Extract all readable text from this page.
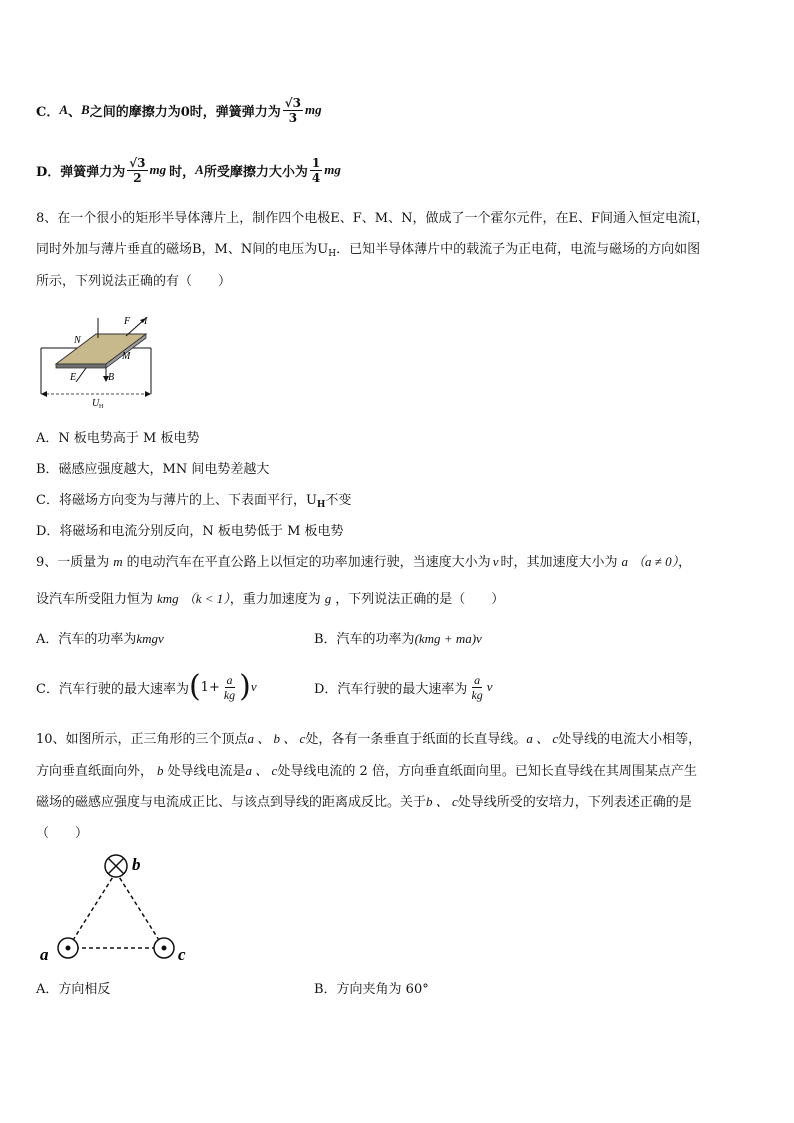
C． A 、 B 之间的摩擦力为0时，弹簧弹力为 $\frac{√3}{3}$ mg
D．弹簧弹力为 $\frac{√3}{2}$ mg 时， A 所受摩擦力大小为 $\frac{1}{4}$ mg
8、在一个很小的矩形半导体薄片上，制作四个电极E、F、M、N，做成了一个霍尔元件，在E、F间通入恒定电流I，
同时外加与薄片垂直的磁场B，M、N间的电压为$U_H$．已知半导体薄片中的载流子为正电荷，电流与磁场的方向如图
所示，下列说法正确的有（　　）
F I
N
M
E	B
U H
A．N 板电势高于 M 板电势
B．磁感应强度越大，MN 间电势差越大
C．将磁场方向变为与薄片的上、下表面平行，$U_H$不变
D．将磁场和电流分别反向，N 板电势低于 M 板电势
9、一质量为 m 的电动汽车在平直公路上以恒定的功率加速行驶，当速度大小为 v 时，其加速度大小为 a （a ≠ 0），
设汽车所受阻力恒为 kmg （k < 1），重力加速度为 g ，下列说法正确的是（　　）
A．汽车的功率为kmgv	B．汽车的功率为(kmg + ma)v
C．汽车行驶的最大速率为 ( $1+ \frac{a}{kg}$ ) v	D．汽车行驶的最大速率为 $\frac{a}{kg}$ v
10、如图所示，正三角形的三个顶点a 、 b 、 c处，各有一条垂直于纸面的长直导线。a 、 c处导线的电流大小相等，
方向垂直纸面向外， b 处导线电流是a 、 c处导线电流的 2 倍，方向垂直纸面向里。已知长直导线在其周围某点产生
磁场的磁感应强度与电流成正比、与该点到导线的距离成反比。关于b 、 c处导线所受的安培力，下列表述正确的是
（　　）
b
a	c
A．方向相反	B．方向夹角为 60°
